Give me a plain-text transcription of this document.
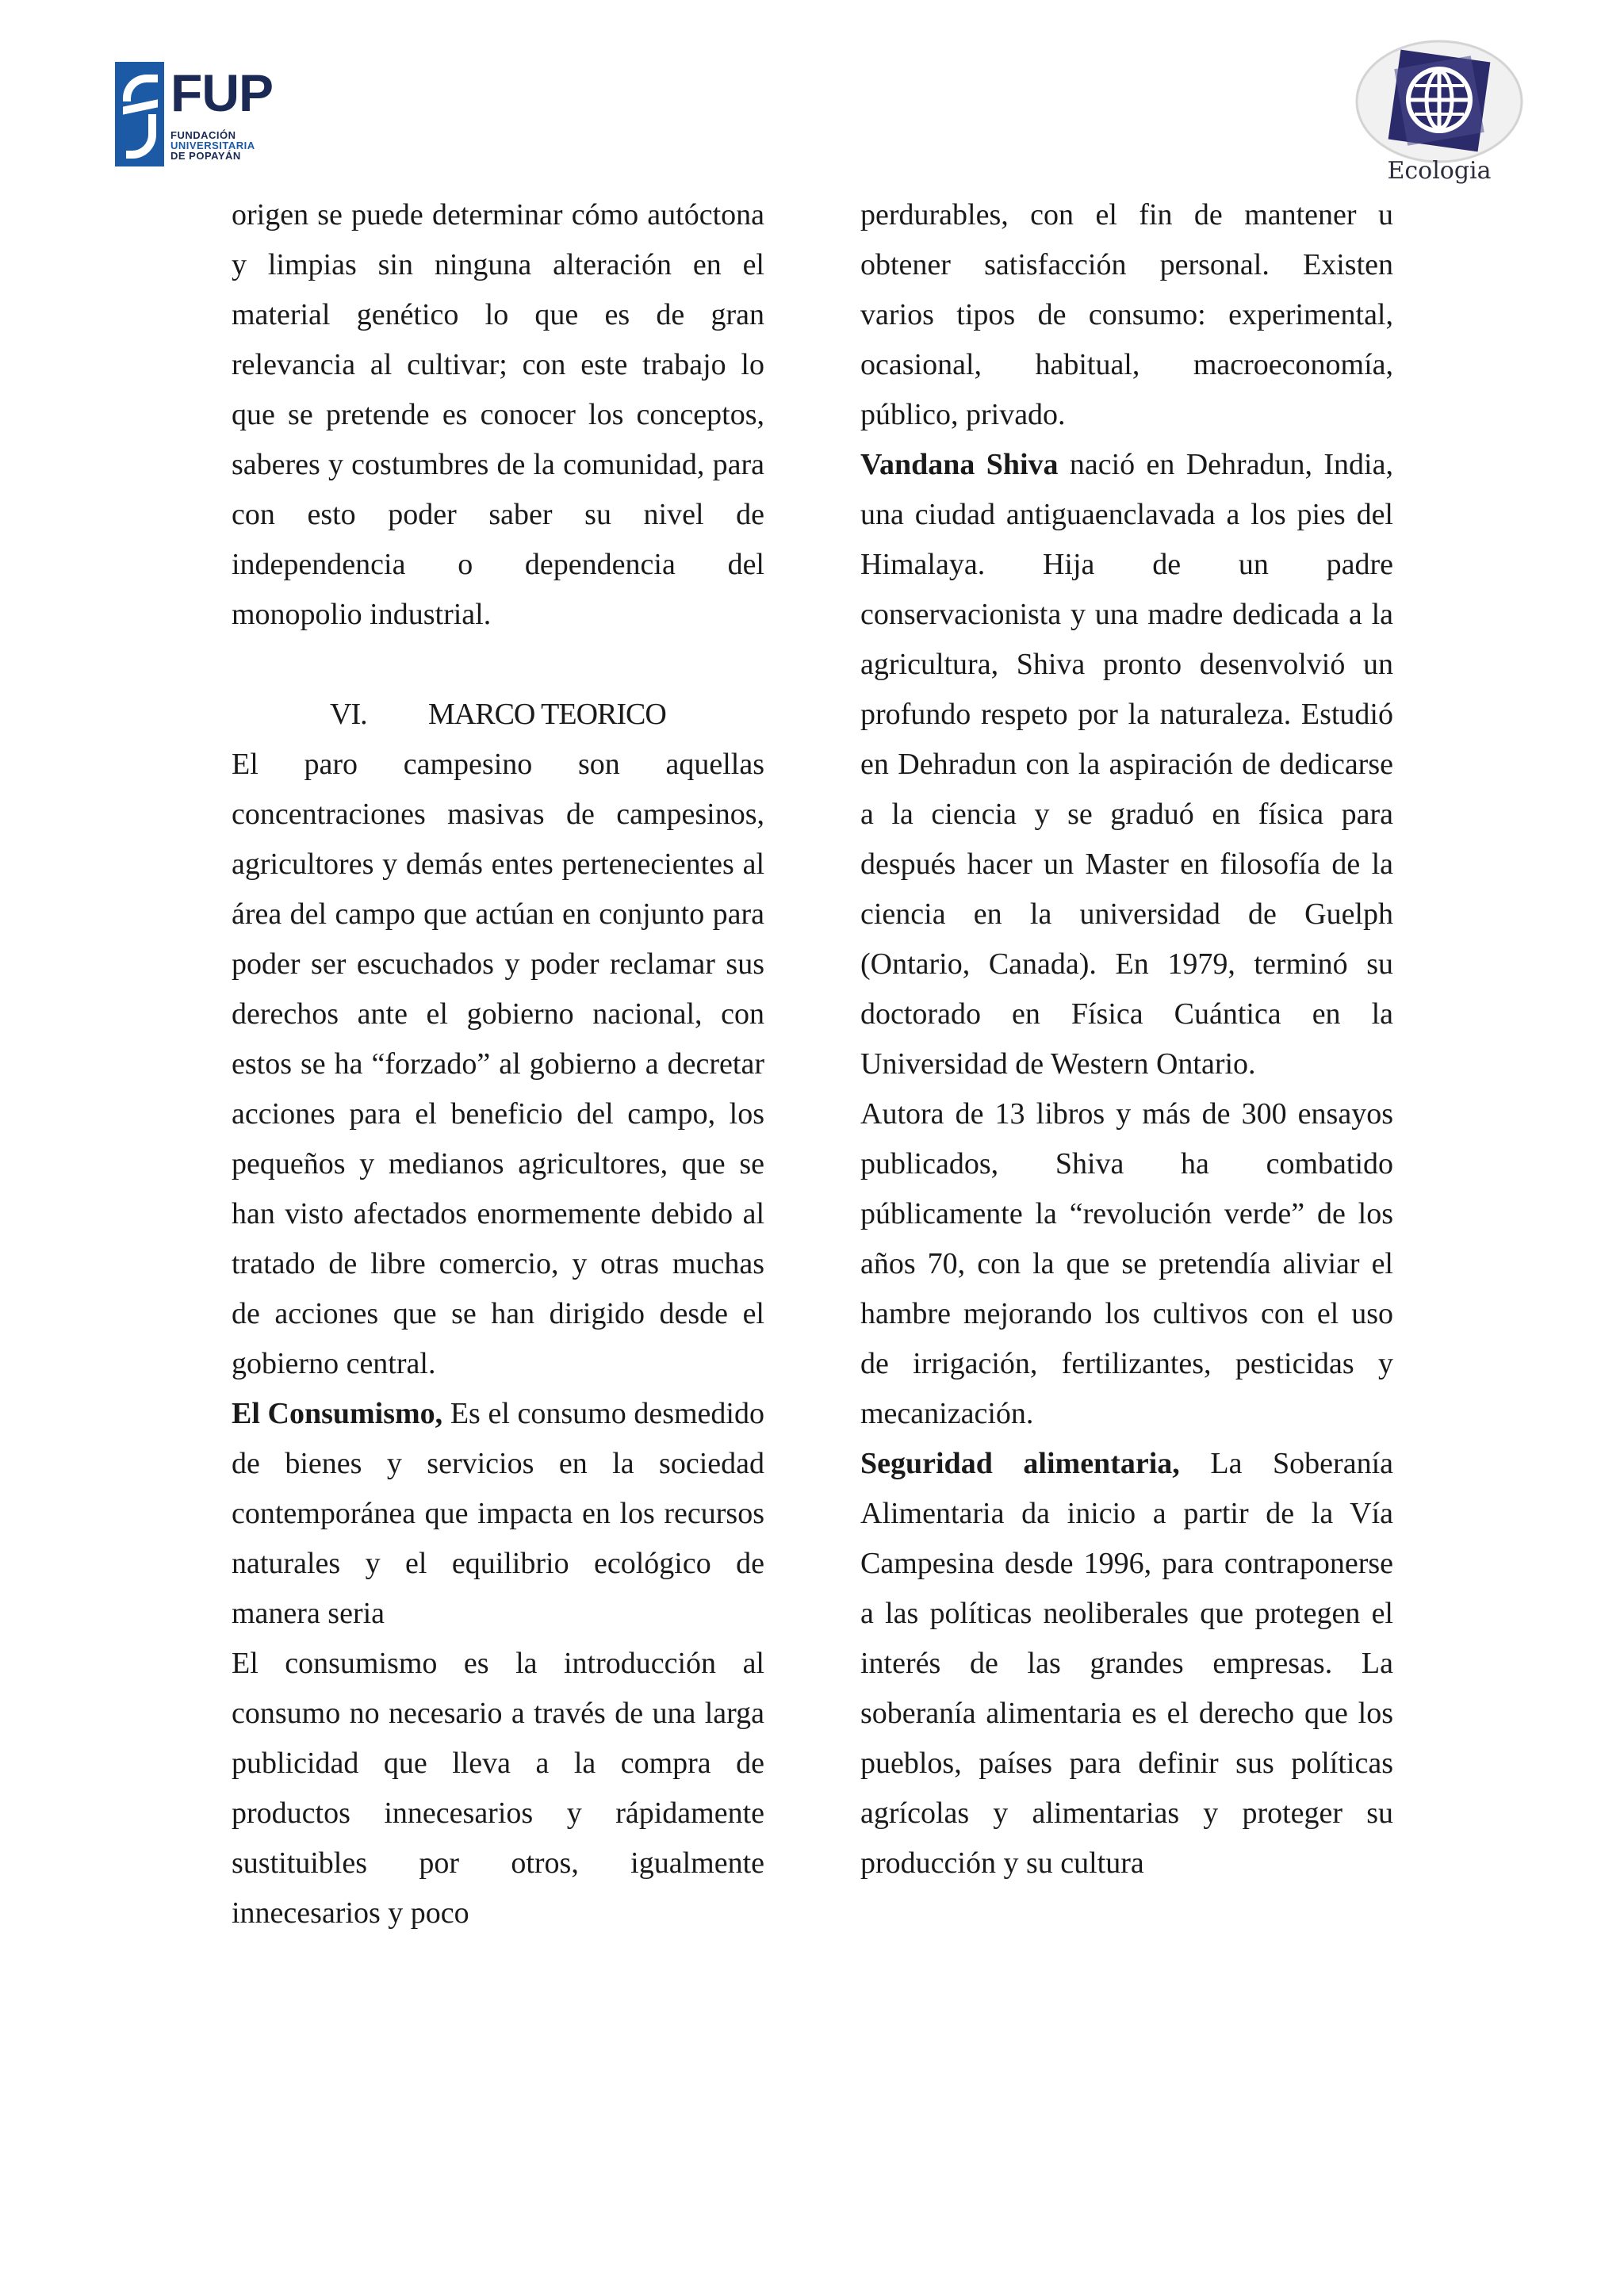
FUP
FUNDACIÓN
UNIVERSITARIA
DE POPAYÁN
Ecologia

origen se puede determinar cómo autóctona y limpias sin ninguna alteración en el material genético lo que es de gran relevancia al cultivar; con este trabajo lo que se pretende es conocer los conceptos, saberes y costumbres de la comunidad, para con esto poder saber su nivel de independencia o dependencia del monopolio industrial.

VI. MARCO TEORICO

El paro campesino son aquellas concentraciones masivas de campesinos, agricultores y demás entes pertenecientes al área del campo que actúan en conjunto para poder ser escuchados y poder reclamar sus derechos ante el gobierno nacional, con estos se ha “forzado” al gobierno a decretar acciones para el beneficio del campo, los pequeños y medianos agricultores, que se han visto afectados enormemente debido al tratado de libre comercio, y otras muchas de acciones que se han dirigido desde el gobierno central.

El Consumismo, Es el consumo desmedido de bienes y servicios en la sociedad contemporánea que impacta en los recursos naturales y el equilibrio ecológico de manera seria

El consumismo es la introducción al consumo no necesario a través de una larga publicidad que lleva a la compra de productos innecesarios y rápidamente sustituibles por otros, igualmente innecesarios y poco

perdurables, con el fin de mantener u obtener satisfacción personal. Existen varios tipos de consumo: experimental, ocasional, habitual, macroeconomía, público, privado.

Vandana Shiva nació en Dehradun, India, una ciudad antiguaenclavada a los pies del Himalaya. Hija de un padre conservacionista y una madre dedicada a la agricultura, Shiva pronto desenvolvió un profundo respeto por la naturaleza. Estudió en Dehradun con la aspiración de dedicarse a la ciencia y se graduó en física para después hacer un Master en filosofía de la ciencia en la universidad de Guelph (Ontario, Canada). En 1979, terminó su doctorado en Física Cuántica en la Universidad de Western Ontario.

Autora de 13 libros y más de 300 ensayos publicados, Shiva ha combatido públicamente la “revolución verde” de los años 70, con la que se pretendía aliviar el hambre mejorando los cultivos con el uso de irrigación, fertilizantes, pesticidas y mecanización.

Seguridad alimentaria, La Soberanía Alimentaria da inicio a partir de la Vía Campesina desde 1996, para contraponerse a las políticas neoliberales que protegen el interés de las grandes empresas. La soberanía alimentaria es el derecho que los pueblos, países para definir sus políticas agrícolas y alimentarias y proteger su producción y su cultura
